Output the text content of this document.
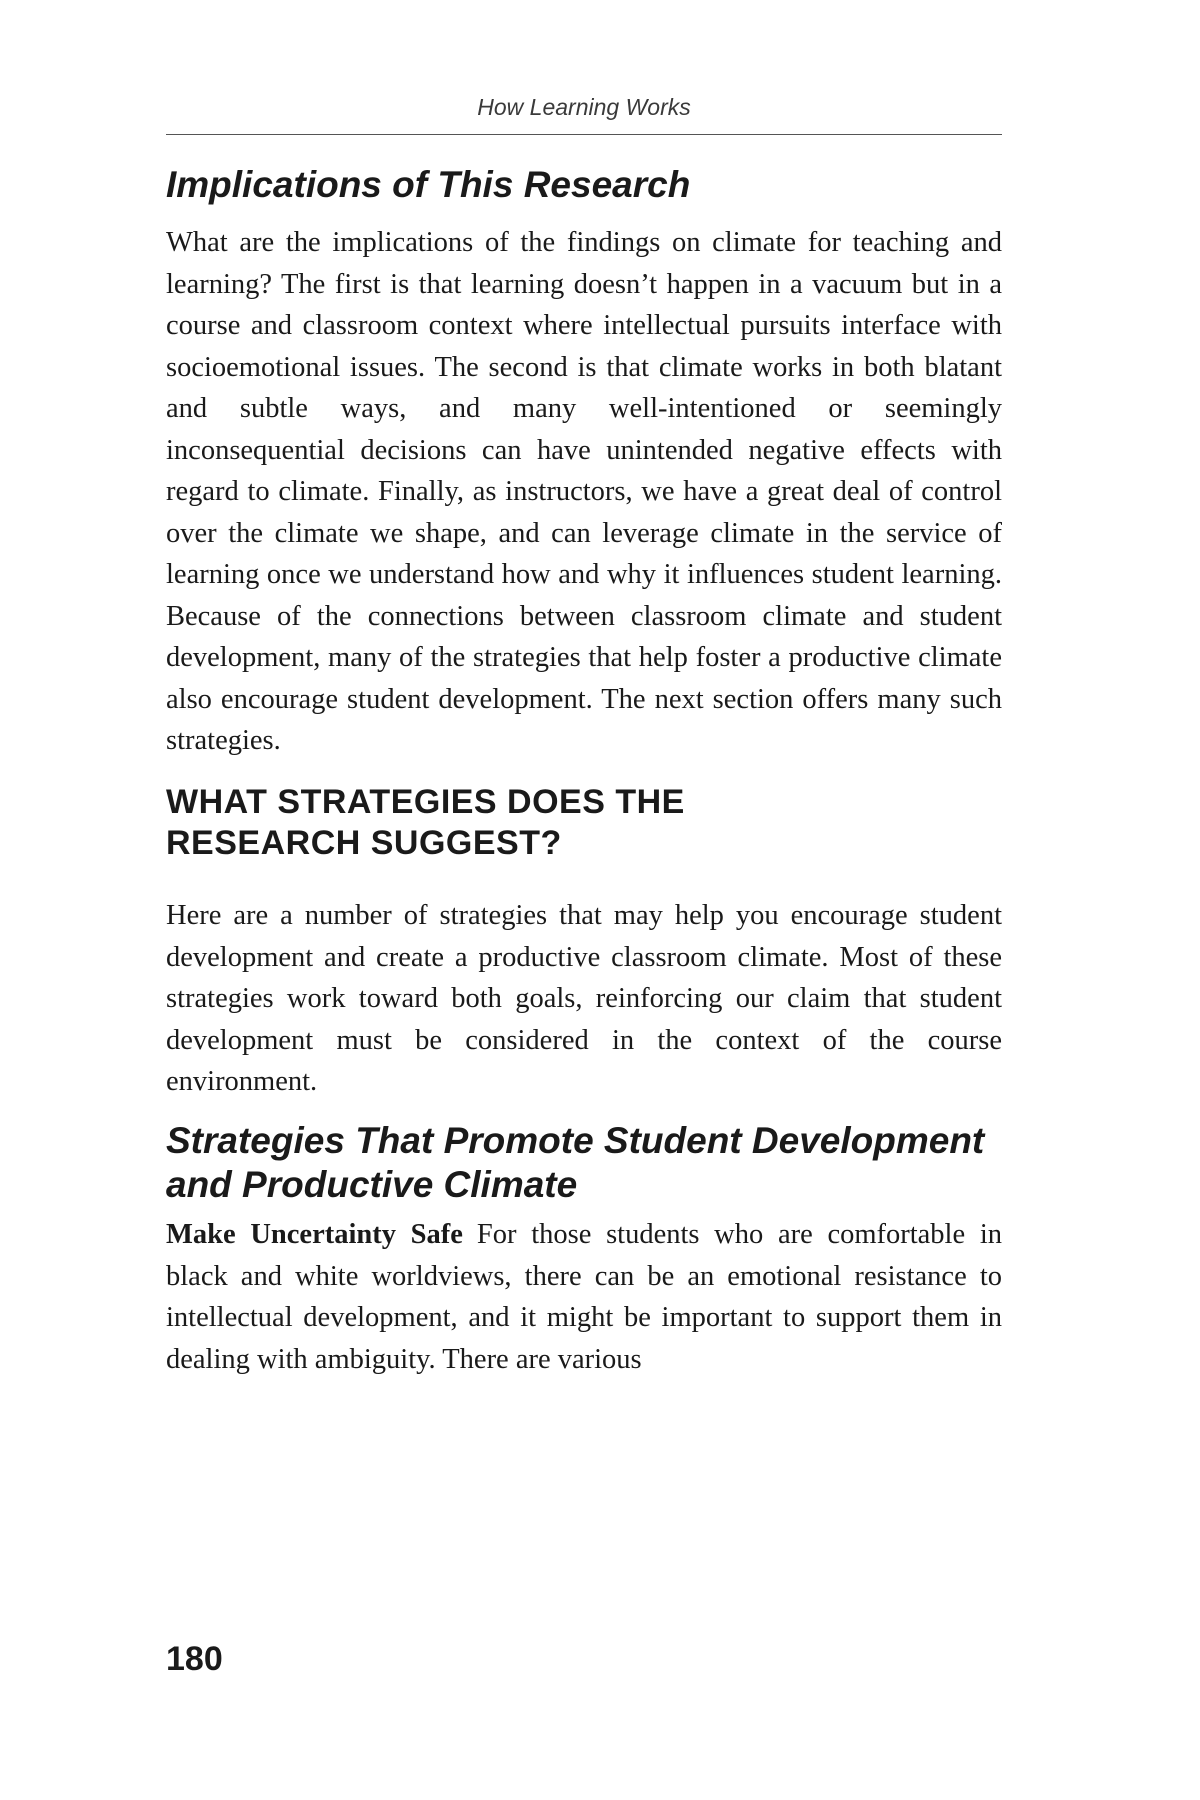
How Learning Works
Implications of This Research

What are the implications of the findings on climate for teaching and learning? The first is that learning doesn’t happen in a vacuum but in a course and classroom context where intellectual pursuits interface with socioemotional issues. The second is that climate works in both blatant and subtle ways, and many well-intentioned or seemingly inconsequential decisions can have unintended negative effects with regard to climate. Finally, as instructors, we have a great deal of control over the climate we shape, and can leverage climate in the service of learning once we understand how and why it influences student learning. Because of the connections between classroom climate and student development, many of the strategies that help foster a productive climate also encourage student development. The next section offers many such strategies.

WHAT STRATEGIES DOES THE
RESEARCH SUGGEST?

Here are a number of strategies that may help you encourage student development and create a productive classroom climate. Most of these strategies work toward both goals, reinforcing our claim that student development must be considered in the context of the course environment.

Strategies That Promote Student Development
and Productive Climate

Make Uncertainty Safe For those students who are comfortable in black and white worldviews, there can be an emotional resistance to intellectual development, and it might be important to support them in dealing with ambiguity. There are various

180
